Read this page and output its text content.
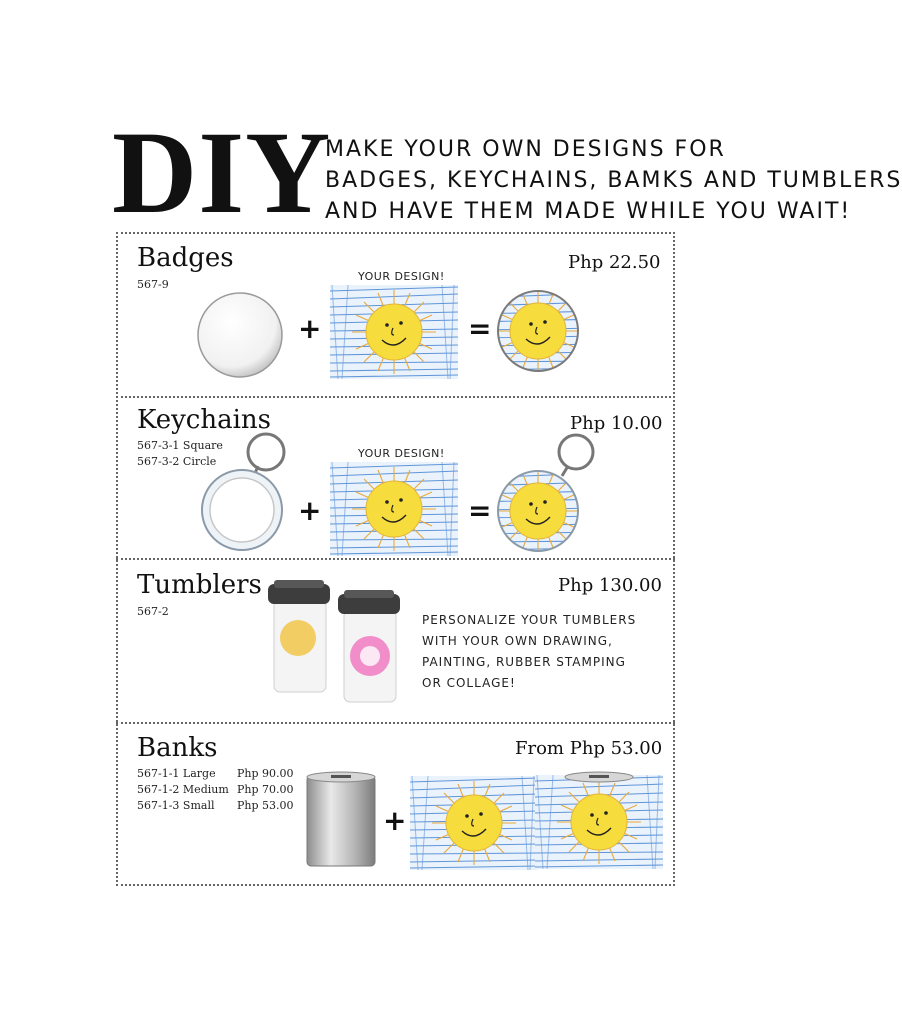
DIY
MAKE YOUR OWN DESIGNS FOR
BADGES, KEYCHAINS, BAMKS AND TUMBLERS
AND HAVE THEM MADE WHILE YOU WAIT!
Badges
567-9
Php 22.50
+
YOUR DESIGN!
=
Keychains
567-3-1 Square
567-3-2 Circle
Php 10.00
+
YOUR DESIGN!
=
Tumblers
567-2
Php 130.00
PERSONALIZE YOUR TUMBLERS
WITH YOUR OWN DRAWING,
PAINTING, RUBBER STAMPING
OR COLLAGE!
Banks
567-1-1 Large	Php 90.00
567-1-2 Medium Php 70.00
567-1-3 Small	Php 53.00
From Php 53.00
+
